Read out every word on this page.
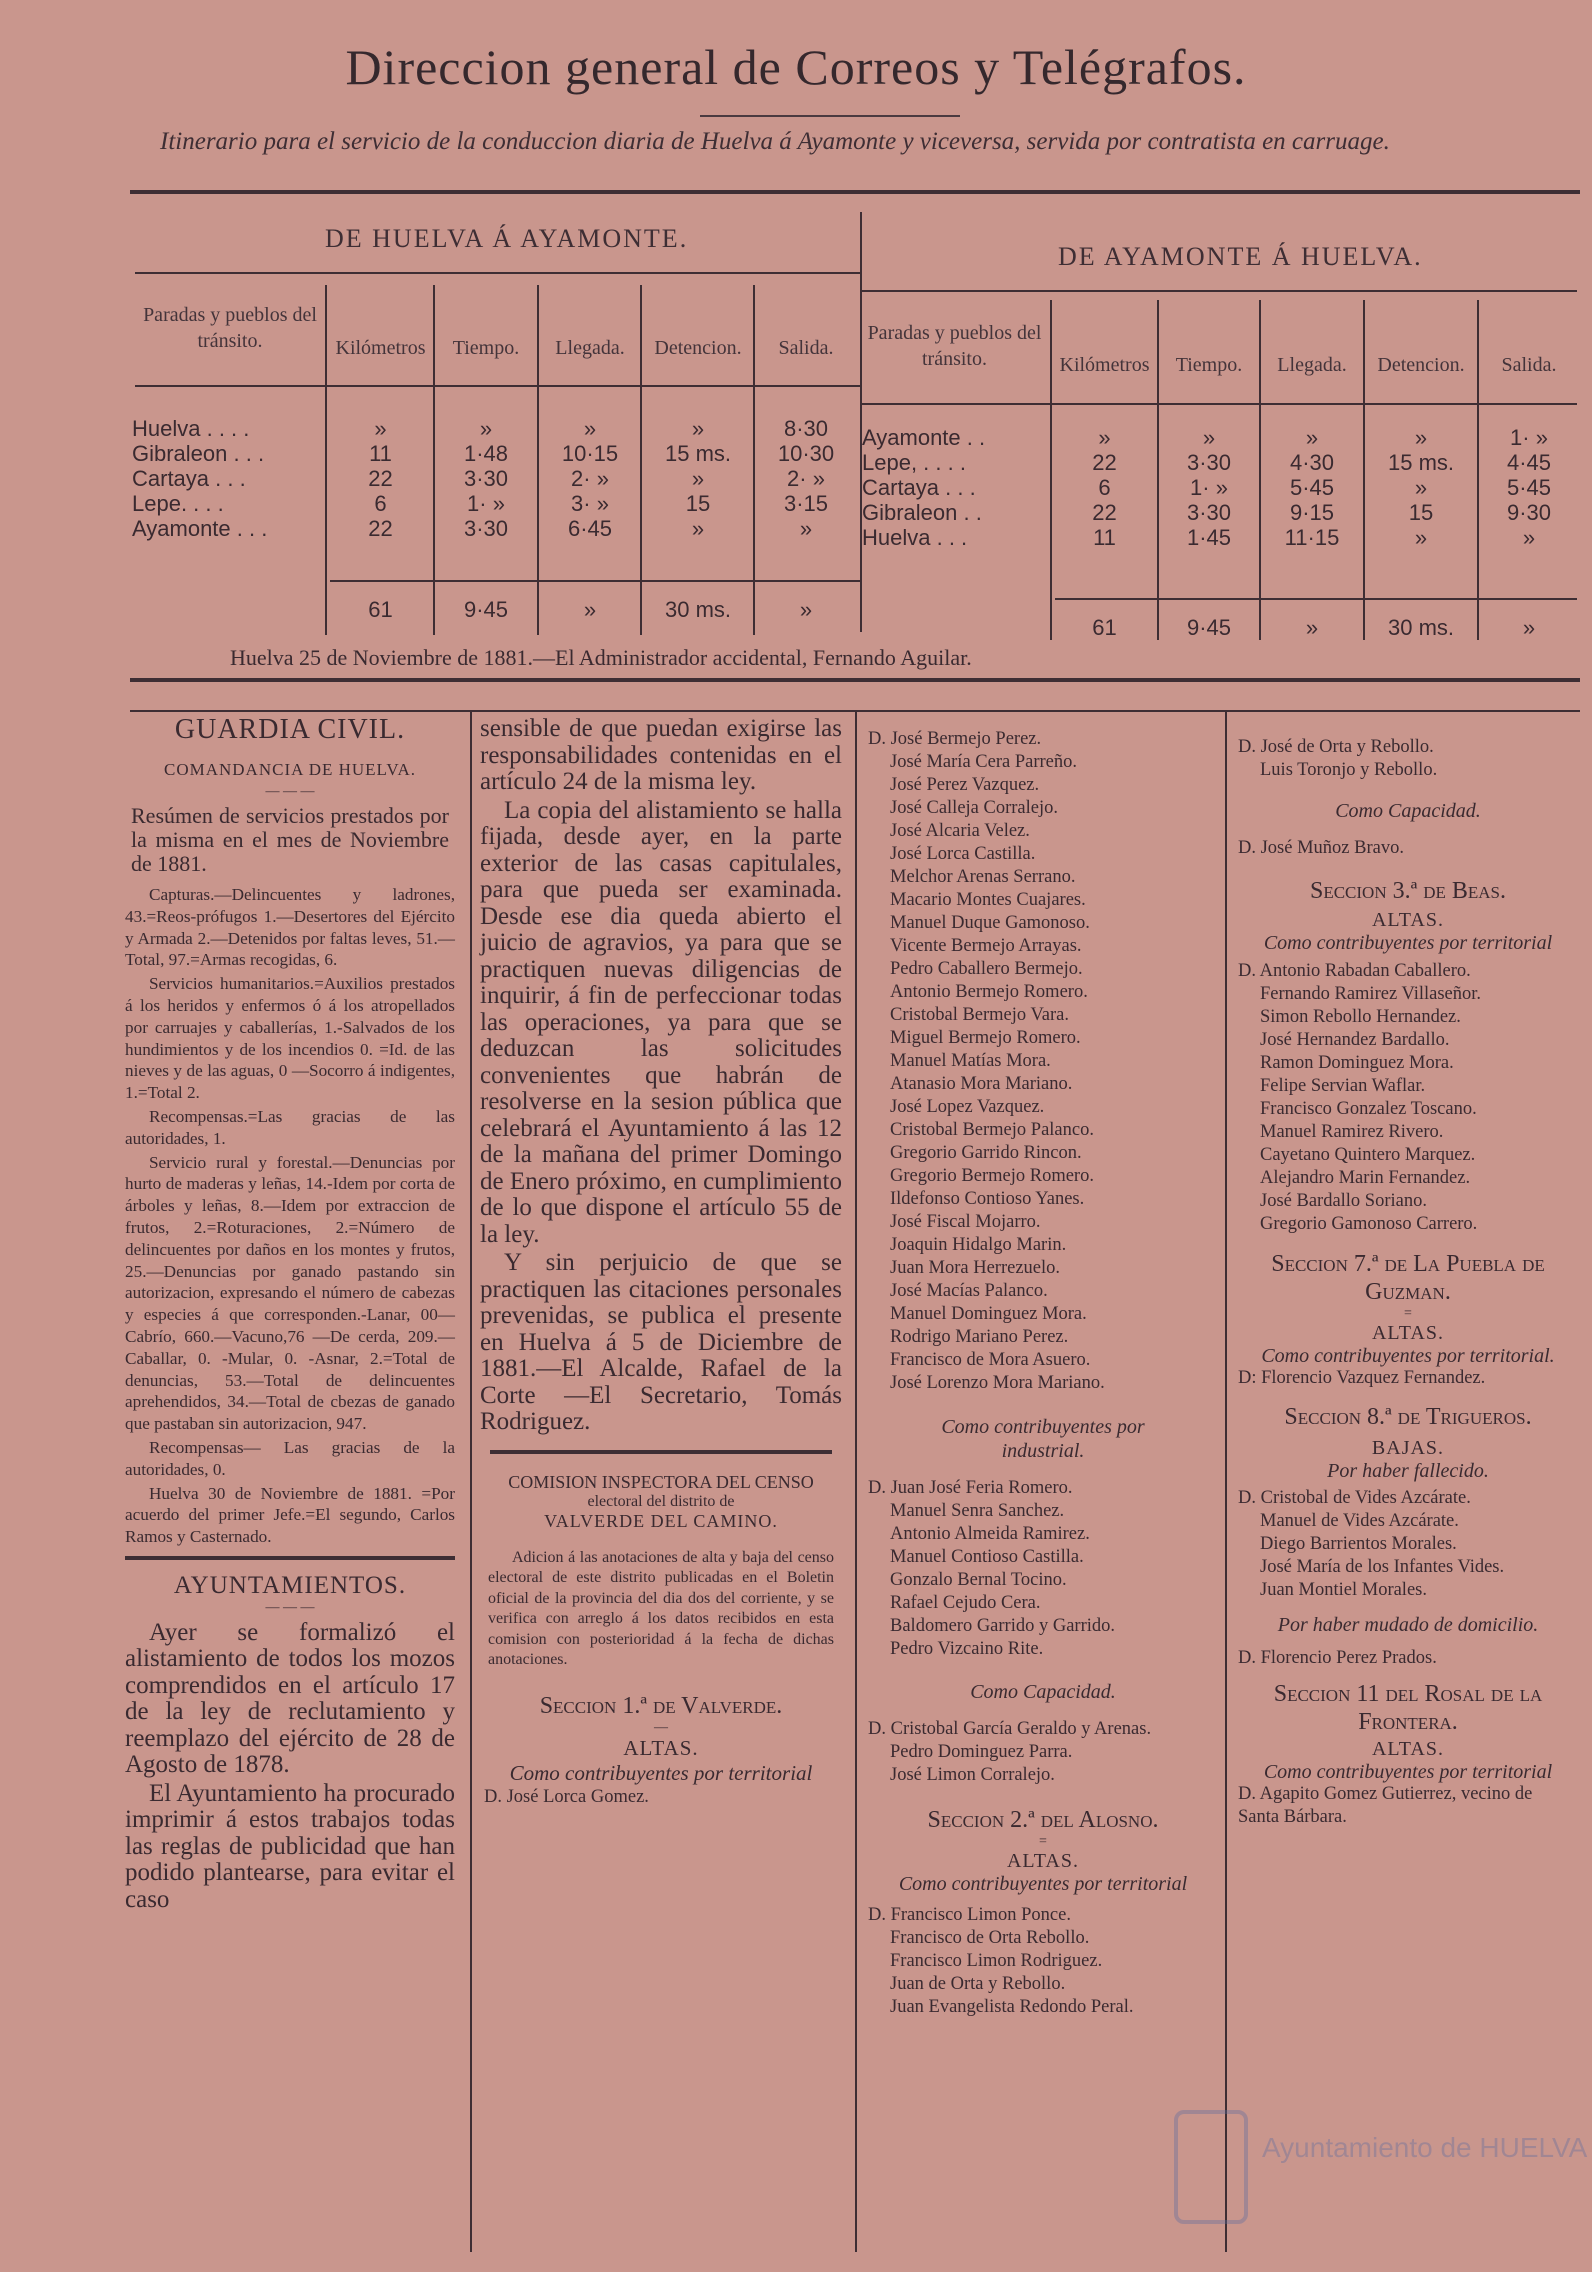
Direccion general de Correos y Telégrafos.
Itinerario para el servicio de la conduccion diaria de Huelva á Ayamonte y viceversa, servida por contratista en carruage.
DE HUELVA Á AYAMONTE.
DE AYAMONTE Á HUELVA.
Paradas y pueblos del tránsito.	Kilómetros	Tiempo.	Llegada.	Detencion.	Salida.
Paradas y pueblos del tránsito.	Kilómetros	Tiempo.	Llegada.	Detencion.	Salida.
Huelva . . . .	»	»	»	»	8·30
Gibraleon . . .	11	1·48	10·15	15 ms.	10·30
Cartaya . . .	22	3·30	2· »	»	2· »
Lepe. . . .	6	1· »	3· »	15	3·15
Ayamonte . . .	22	3·30	6·45	»	»
61	9·45	»	30 ms.	»
Ayamonte . .	»	»	»	»	1· »
Lepe, . . . .	22	3·30	4·30	15 ms.	4·45
Cartaya . . .	6	1· »	5·45	»	5·45
Gibraleon . .	22	3·30	9·15	15	9·30
Huelva . . .	11	1·45	11·15	»	»
61	9·45	»	30 ms.	»
Huelva 25 de Noviembre de 1881.—El Administrador accidental, Fernando Aguilar.
GUARDIA CIVIL.
COMANDANCIA DE HUELVA.
— — —
Resúmen de servicios prestados por la misma en el mes de Noviembre de 1881.

Capturas.—Delincuentes y ladrones, 43.=Reos-prófugos 1.—Desertores del Ejército y Armada 2.—Detenidos por faltas leves, 51.—Total, 97.=Armas recogidas, 6.

Servicios humanitarios.=Auxilios prestados á los heridos y enfermos ó á los atropellados por carruajes y caballerías, 1.-Salvados de los hundimientos y de los incendios 0. =Id. de las nieves y de las aguas, 0 —Socorro á indigentes, 1.=Total 2.

Recompensas.=Las gracias de las autoridades, 1.

Servicio rural y forestal.—Denuncias por hurto de maderas y leñas, 14.-Idem por corta de árboles y leñas, 8.—Idem por extraccion de frutos, 2.=Roturaciones, 2.=Número de delincuentes por daños en los montes y frutos, 25.—Denuncias por ganado pastando sin autorizacion, expresando el número de cabezas y especies á que corresponden.-Lanar, 00—Cabrío, 660.—Vacuno,76 —De cerda, 209.—Caballar, 0. -Mular, 0. -Asnar, 2.=Total de denuncias, 53.—Total de delincuentes aprehendidos, 34.—Total de cbezas de ganado que pastaban sin autorizacion, 947.

Recompensas— Las gracias de la autoridades, 0.

Huelva 30 de Noviembre de 1881. =Por acuerdo del primer Jefe.=El segundo, Carlos Ramos y Casternado.

AYUNTAMIENTOS.
— — —

Ayer se formalizó el alistamiento de todos los mozos comprendidos en el artículo 17 de la ley de reclutamiento y reemplazo del ejército de 28 de Agosto de 1878.

El Ayuntamiento ha procurado imprimir á estos trabajos todas las reglas de publicidad que han podido plantearse, para evitar el caso

sensible de que puedan exigirse las responsabilidades contenidas en el artículo 24 de la misma ley.

La copia del alistamiento se halla fijada, desde ayer, en la parte exterior de las casas capitulales, para que pueda ser examinada. Desde ese dia queda abierto el juicio de agravios, ya para que se practiquen nuevas diligencias de inquirir, á fin de perfeccionar todas las operaciones, ya para que se deduzcan las solicitudes convenientes que habrán de resolverse en la sesion pública que celebrará el Ayuntamiento á las 12 de la mañana del primer Domingo de Enero próximo, en cumplimiento de lo que dispone el artículo 55 de la ley.

Y sin perjuicio de que se practiquen las citaciones personales prevenidas, se publica el presente en Huelva á 5 de Diciembre de 1881.—El Alcalde, Rafael de la Corte —El Secretario, Tomás Rodriguez.

COMISION INSPECTORA DEL CENSO
electoral del distrito de
VALVERDE DEL CAMINO.

Adicion á las anotaciones de alta y baja del censo electoral de este distrito publicadas en el Boletin oficial de la provincia del dia dos del corriente, y se verifica con arreglo á los datos recibidos en esta comision con posterioridad á la fecha de dichas anotaciones.

Seccion 1.ª de Valverde.
—
ALTAS.
Como contribuyentes por territorial
D. José Lorca Gomez.
D. José Bermejo Perez.
José María Cera Parreño.
José Perez Vazquez.
José Calleja Corralejo.
José Alcaria Velez.
José Lorca Castilla.
Melchor Arenas Serrano.
Macario Montes Cuajares.
Manuel Duque Gamonoso.
Vicente Bermejo Arrayas.
Pedro Caballero Bermejo.
Antonio Bermejo Romero.
Cristobal Bermejo Vara.
Miguel Bermejo Romero.
Manuel Matías Mora.
Atanasio Mora Mariano.
José Lopez Vazquez.
Cristobal Bermejo Palanco.
Gregorio Garrido Rincon.
Gregorio Bermejo Romero.
Ildefonso Contioso Yanes.
José Fiscal Mojarro.
Joaquin Hidalgo Marin.
Juan Mora Herrezuelo.
José Macías Palanco.
Manuel Dominguez Mora.
Rodrigo Mariano Perez.
Francisco de Mora Asuero.
José Lorenzo Mora Mariano.
Como contribuyentes por industrial.
D. Juan José Feria Romero.
Manuel Senra Sanchez.
Antonio Almeida Ramirez.
Manuel Contioso Castilla.
Gonzalo Bernal Tocino.
Rafael Cejudo Cera.
Baldomero Garrido y Garrido.
Pedro Vizcaino Rite.
Como Capacidad.
D. Cristobal García Geraldo y Arenas.
Pedro Dominguez Parra.
José Limon Corralejo.
Seccion 2.ª del Alosno.
=
ALTAS.
Como contribuyentes por territorial
D. Francisco Limon Ponce.
Francisco de Orta Rebollo.
Francisco Limon Rodriguez.
Juan de Orta y Rebollo.
Juan Evangelista Redondo Peral.
D. José de Orta y Rebollo.
Luis Toronjo y Rebollo.
Como Capacidad.
D. José Muñoz Bravo.
Seccion 3.ª de Beas.
ALTAS.
Como contribuyentes por territorial
D. Antonio Rabadan Caballero.
Fernando Ramirez Villaseñor.
Simon Rebollo Hernandez.
José Hernandez Bardallo.
Ramon Dominguez Mora.
Felipe Servian Waflar.
Francisco Gonzalez Toscano.
Manuel Ramirez Rivero.
Cayetano Quintero Marquez.
Alejandro Marin Fernandez.
José Bardallo Soriano.
Gregorio Gamonoso Carrero.
Seccion 7.ª de La Puebla de Guzman.
=
ALTAS.
Como contribuyentes por territorial.
D: Florencio Vazquez Fernandez.
Seccion 8.ª de Trigueros.
BAJAS.
Por haber fallecido.
D. Cristobal de Vides Azcárate.
Manuel de Vides Azcárate.
Diego Barrientos Morales.
José María de los Infantes Vides.
Juan Montiel Morales.
Por haber mudado de domicilio.
D. Florencio Perez Prados.
Seccion 11 del Rosal de la Frontera.
ALTAS.
Como contribuyentes por territorial
D. Agapito Gomez Gutierrez, vecino de Santa Bárbara.
Ayuntamiento de HUELVA
